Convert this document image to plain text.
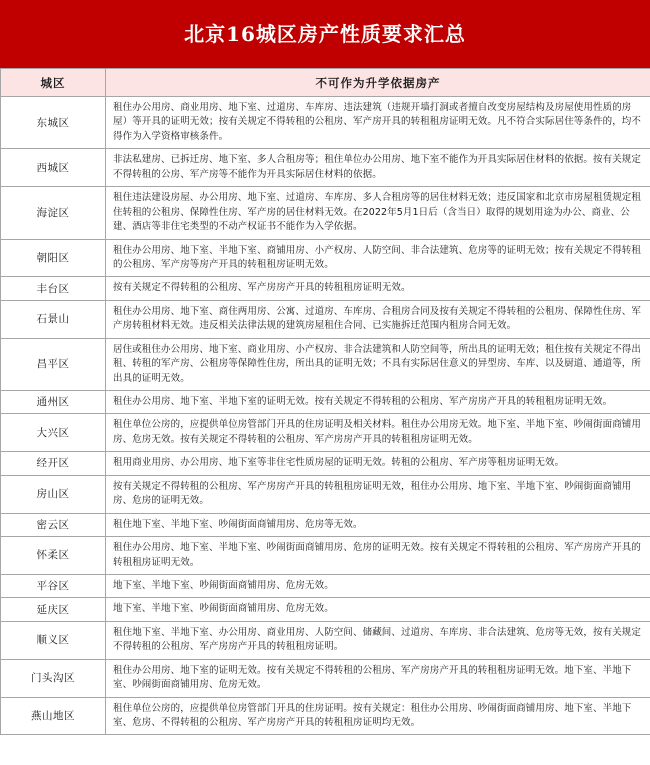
北京16城区房产性质要求汇总
城区	不可作为升学依据房产
东城区	租住办公用房、商业用房、地下室、过道房、车库房、违法建筑（违规开墙打洞或者擅自改变房屋结构及房屋使用性质的房屋）等开具的证明无效；按有关规定不得转租的公租房、军产房开具的转租租房证明无效。凡不符合实际居住等条件的，均不得作为入学资格审核条件。
西城区	非法私建房、已拆迁房、地下室、多人合租房等；租住单位办公用房、地下室不能作为开具实际居住材料的依据。按有关规定不得转租的公房、军产房等不能作为开具实际居住材料的依据。
海淀区	租住违法建设房屋、办公用房、地下室、过道房、车库房、多人合租房等的居住材料无效；违反国家和北京市房屋租赁规定租住转租的公租房、保障性住房、军产房的居住材料无效。在2022年5月1日后（含当日）取得的规划用途为办公、商业、公建、酒店等非住宅类型的不动产权证书不能作为入学依据。
朝阳区	租住办公用房、地下室、半地下室、商铺用房、小产权房、人防空间、非合法建筑、危房等的证明无效；按有关规定不得转租的公租房、军产房等房产开具的转租租房证明无效。
丰台区	按有关规定不得转租的公租房、军产房房产开具的转租租房证明无效。
石景山	租住办公用房、地下室、商住两用房、公寓、过道房、车库房、合租房合同及按有关规定不得转租的公租房、保障性住房、军产房转租材料无效。违反相关法律法规的建筑房屋租住合同、已实施拆迁范围内租房合同无效。
昌平区	居住或租住办公用房、地下室、商业用房、小产权房、非合法建筑和人防空间等，所出具的证明无效；租住按有关规定不得出租、转租的军产房、公租房等保障性住房，所出具的证明无效；不具有实际居住意义的异型房、车库、以及厨道、通道等，所出具的证明无效。
通州区	租住办公用房、地下室、半地下室的证明无效。按有关规定不得转租的公租房、军产房房产开具的转租租房证明无效。
大兴区	租住单位公房的，应提供单位房管部门开具的住房证明及相关材料。租住办公用房无效。地下室、半地下室、吵闹街面商铺用房、危房无效。按有关规定不得转租的公租房、军产房房产开具的转租租房证明无效。
经开区	租用商业用房、办公用房、地下室等非住宅性质房屋的证明无效。转租的公租房、军产房等租房证明无效。
房山区	按有关规定不得转租的公租房、军产房房产开具的转租租房证明无效，租住办公用房、地下室、半地下室、吵闹街面商铺用房、危房的证明无效。
密云区	租住地下室、半地下室、吵闹街面商铺用房、危房等无效。
怀柔区	租住办公用房、地下室、半地下室、吵闹街面商铺用房、危房的证明无效。按有关规定不得转租的公租房、军产房房产开具的转租租房证明无效。
平谷区	地下室、半地下室、吵闹街面商铺用房、危房无效。
延庆区	地下室、半地下室、吵闹街面商铺用房、危房无效。
顺义区	租住地下室、半地下室、办公用房、商业用房、人防空间、储藏间、过道房、车库房、非合法建筑、危房等无效，按有关规定不得转租的公租房、军产房房产开具的转租租房证明。
门头沟区	租住办公用房、地下室的证明无效。按有关规定不得转租的公租房、军产房房产开具的转租租房证明无效。地下室、半地下室、吵闹街面商铺用房、危房无效。
燕山地区	租住单位公房的，应提供单位房管部门开具的住房证明。按有关规定：租住办公用房、吵闹街面商铺用房、地下室、半地下室、危房、不得转租的公租房、军产房房产开具的转租租房证明均无效。
